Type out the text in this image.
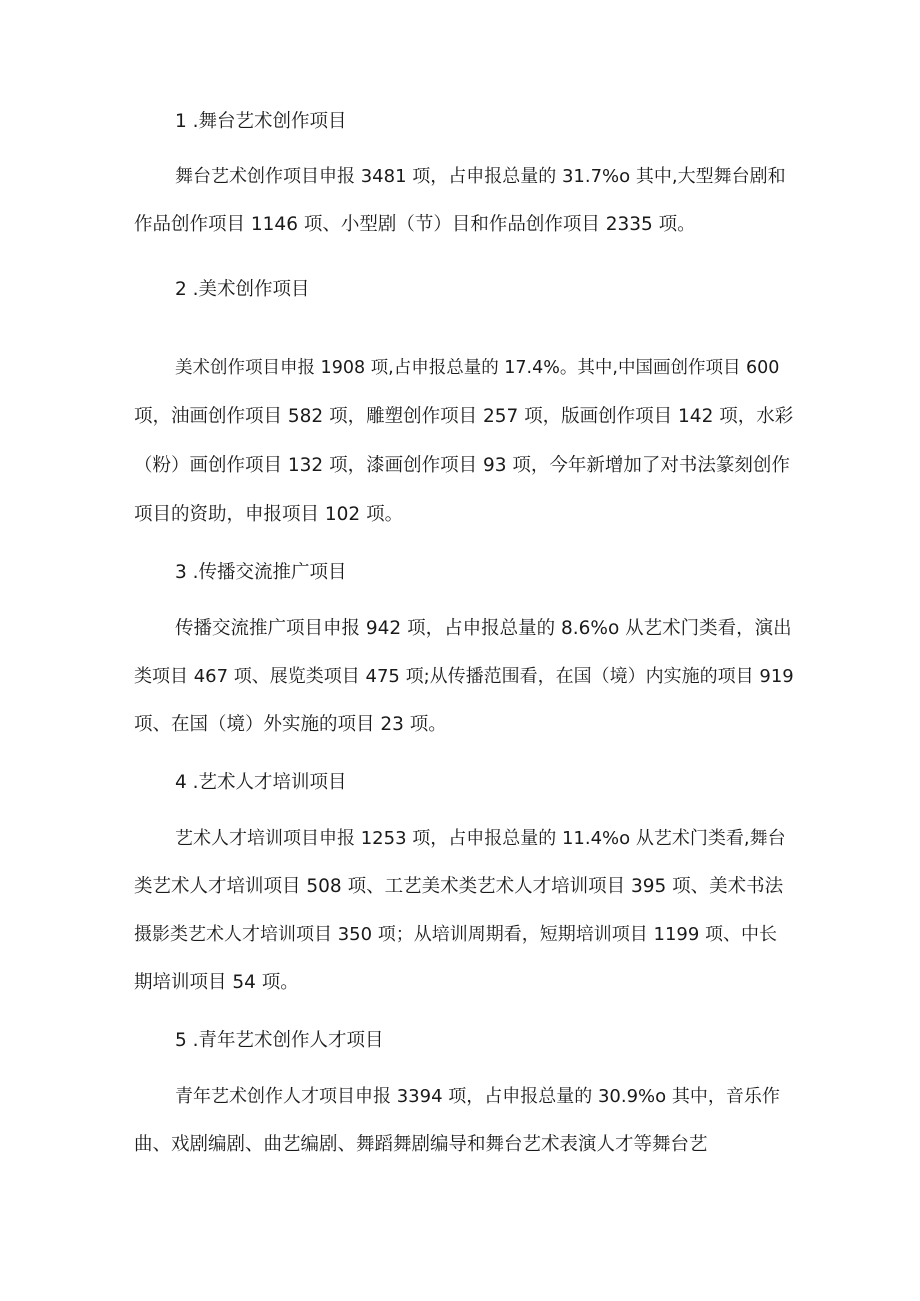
1 .舞台艺术创作项目
舞台艺术创作项目申报 3481 项，占申报总量的 31.7%o 其中,大型舞台剧和
作品创作项目 1146 项、小型剧（节）目和作品创作项目 2335 项。
2 .美术创作项目
美术创作项目申报 1908 项,占申报总量的 17.4%。其中,中国画创作项目 600
项，油画创作项目 582 项，雕塑创作项目 257 项，版画创作项目 142 项，水彩
（粉）画创作项目 132 项，漆画创作项目 93 项，今年新增加了对书法篆刻创作
项目的资助，申报项目 102 项。
3 .传播交流推广项目
传播交流推广项目申报 942 项，占申报总量的 8.6%o 从艺术门类看，演出
类项目 467 项、展览类项目 475 项;从传播范围看，在国（境）内实施的项目 919
项、在国（境）外实施的项目 23 项。
4 .艺术人才培训项目
艺术人才培训项目申报 1253 项，占申报总量的 11.4%o 从艺术门类看,舞台
类艺术人才培训项目 508 项、工艺美术类艺术人才培训项目 395 项、美术书法
摄影类艺术人才培训项目 350 项；从培训周期看，短期培训项目 1199 项、中长
期培训项目 54 项。
5 .青年艺术创作人才项目
青年艺术创作人才项目申报 3394 项，占申报总量的 30.9%o 其中，音乐作
曲、戏剧编剧、曲艺编剧、舞蹈舞剧编导和舞台艺术表演人才等舞台艺
